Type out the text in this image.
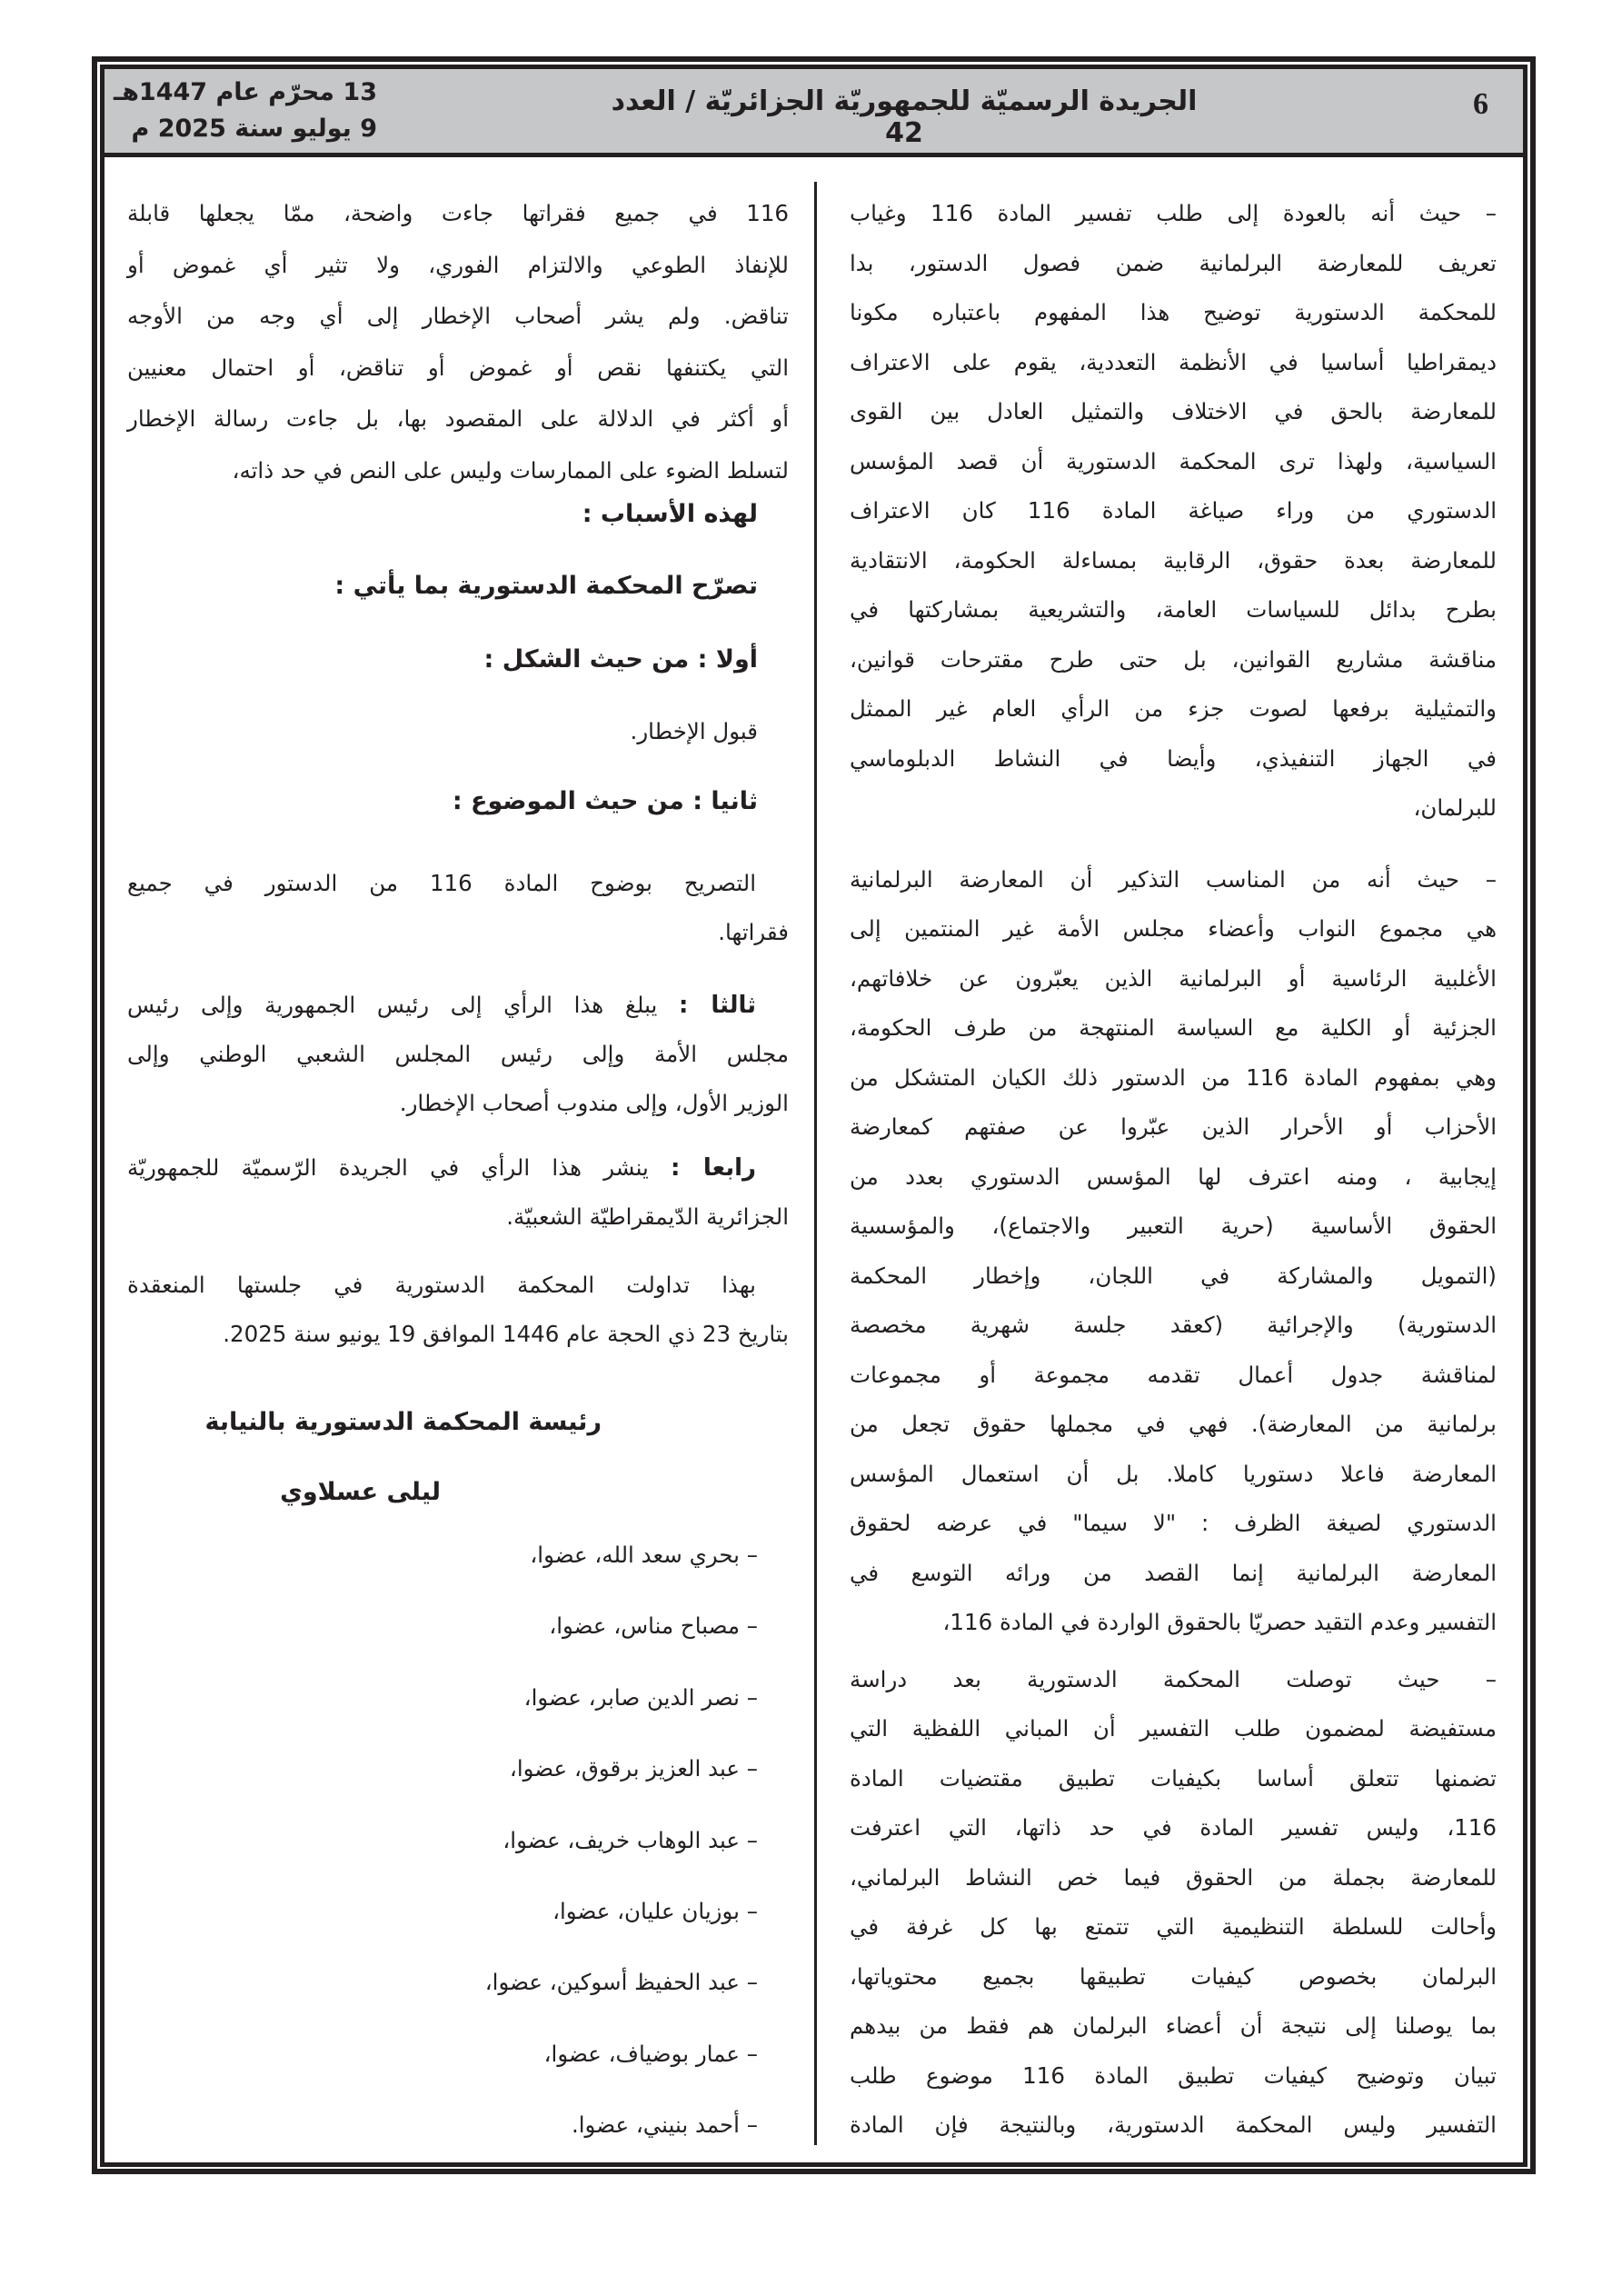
6
الجريدة الرسميّة للجمهوريّة الجزائريّة / العدد 42
13 محرّم عام 1447هـ
9 يوليو سنة 2025 م
– حيث أنه بالعودة إلى طلب تفسير المادة 116 وغياب
تعريف للمعارضة البرلمانية ضمن فصول الدستور، بدا
للمحكمة الدستورية توضيح هذا المفهوم باعتباره مكونا
ديمقراطيا أساسيا في الأنظمة التعددية، يقوم على الاعتراف
للمعارضة بالحق في الاختلاف والتمثيل العادل بين القوى
السياسية، ولهذا ترى المحكمة الدستورية أن قصد المؤسس
الدستوري من وراء صياغة المادة 116 كان الاعتراف
للمعارضة بعدة حقوق، الرقابية بمساءلة الحكومة، الانتقادية
بطرح بدائل للسياسات العامة، والتشريعية بمشاركتها في
مناقشة مشاريع القوانين، بل حتى طرح مقترحات قوانين،
والتمثيلية برفعها لصوت جزء من الرأي العام غير الممثل
في الجهاز التنفيذي، وأيضا في النشاط الدبلوماسي
للبرلمان،
– حيث أنه من المناسب التذكير أن المعارضة البرلمانية
هي مجموع النواب وأعضاء مجلس الأمة غير المنتمين إلى
الأغلبية الرئاسية أو البرلمانية الذين يعبّرون عن خلافاتهم،
الجزئية أو الكلية مع السياسة المنتهجة من طرف الحكومة،
وهي بمفهوم المادة 116 من الدستور ذلك الكيان المتشكل من
الأحزاب أو الأحرار الذين عبّروا عن صفتهم كمعارضة
إيجابية ، ومنه اعترف لها المؤسس الدستوري بعدد من
الحقوق الأساسية (حرية التعبير والاجتماع)، والمؤسسية
(التمويل والمشاركة في اللجان، وإخطار المحكمة
الدستورية) والإجرائية (كعقد جلسة شهرية مخصصة
لمناقشة جدول أعمال تقدمه مجموعة أو مجموعات
برلمانية من المعارضة). فهي في مجملها حقوق تجعل من
المعارضة فاعلا دستوريا كاملا. بل أن استعمال المؤسس
الدستوري لصيغة الظرف : "لا سيما" في عرضه لحقوق
المعارضة البرلمانية إنما القصد من ورائه التوسع في
التفسير وعدم التقيد حصريّا بالحقوق الواردة في المادة 116،
– حيث توصلت المحكمة الدستورية بعد دراسة
مستفيضة لمضمون طلب التفسير أن المباني اللفظية التي
تضمنها تتعلق أساسا بكيفيات تطبيق مقتضيات المادة
116، وليس تفسير المادة في حد ذاتها، التي اعترفت
للمعارضة بجملة من الحقوق فيما خص النشاط البرلماني،
وأحالت للسلطة التنظيمية التي تتمتع بها كل غرفة في
البرلمان بخصوص كيفيات تطبيقها بجميع محتوياتها،
بما يوصلنا إلى نتيجة أن أعضاء البرلمان هم فقط من بيدهم
تبيان وتوضيح كيفيات تطبيق المادة 116 موضوع طلب
التفسير وليس المحكمة الدستورية، وبالنتيجة فإن المادة
116 في جميع فقراتها جاءت واضحة، ممّا يجعلها قابلة
للإنفاذ الطوعي والالتزام الفوري، ولا تثير أي غموض أو
تناقض. ولم يشر أصحاب الإخطار إلى أي وجه من الأوجه
التي يكتنفها نقص أو غموض أو تناقض، أو احتمال معنيين
أو أكثر في الدلالة على المقصود بها، بل جاءت رسالة الإخطار
لتسلط الضوء على الممارسات وليس على النص في حد ذاته،
لهذه الأسباب :
تصرّح المحكمة الدستورية بما يأتي :
أولا : من حيث الشكل :
قبول الإخطار.
ثانيا : من حيث الموضوع :
التصريح بوضوح المادة 116 من الدستور في جميع
فقراتها.
ثالثا : يبلغ هذا الرأي إلى رئيس الجمهورية وإلى رئيس
مجلس الأمة وإلى رئيس المجلس الشعبي الوطني وإلى
الوزير الأول، وإلى مندوب أصحاب الإخطار.
رابعا : ينشر هذا الرأي في الجريدة الرّسميّة للجمهوريّة
الجزائرية الدّيمقراطيّة الشعبيّة.
بهذا تداولت المحكمة الدستورية في جلستها المنعقدة
بتاريخ 23 ذي الحجة عام 1446 الموافق 19 يونيو سنة 2025.
رئيسة المحكمة الدستورية بالنيابة
ليلى عسلاوي
– بحري سعد الله، عضوا،
– مصباح مناس، عضوا،
– نصر الدين صابر، عضوا،
– عبد العزيز برقوق، عضوا،
– عبد الوهاب خريف، عضوا،
– بوزيان عليان، عضوا،
– عبد الحفيظ أسوكين، عضوا،
– عمار بوضياف، عضوا،
– أحمد بنيني، عضوا.
